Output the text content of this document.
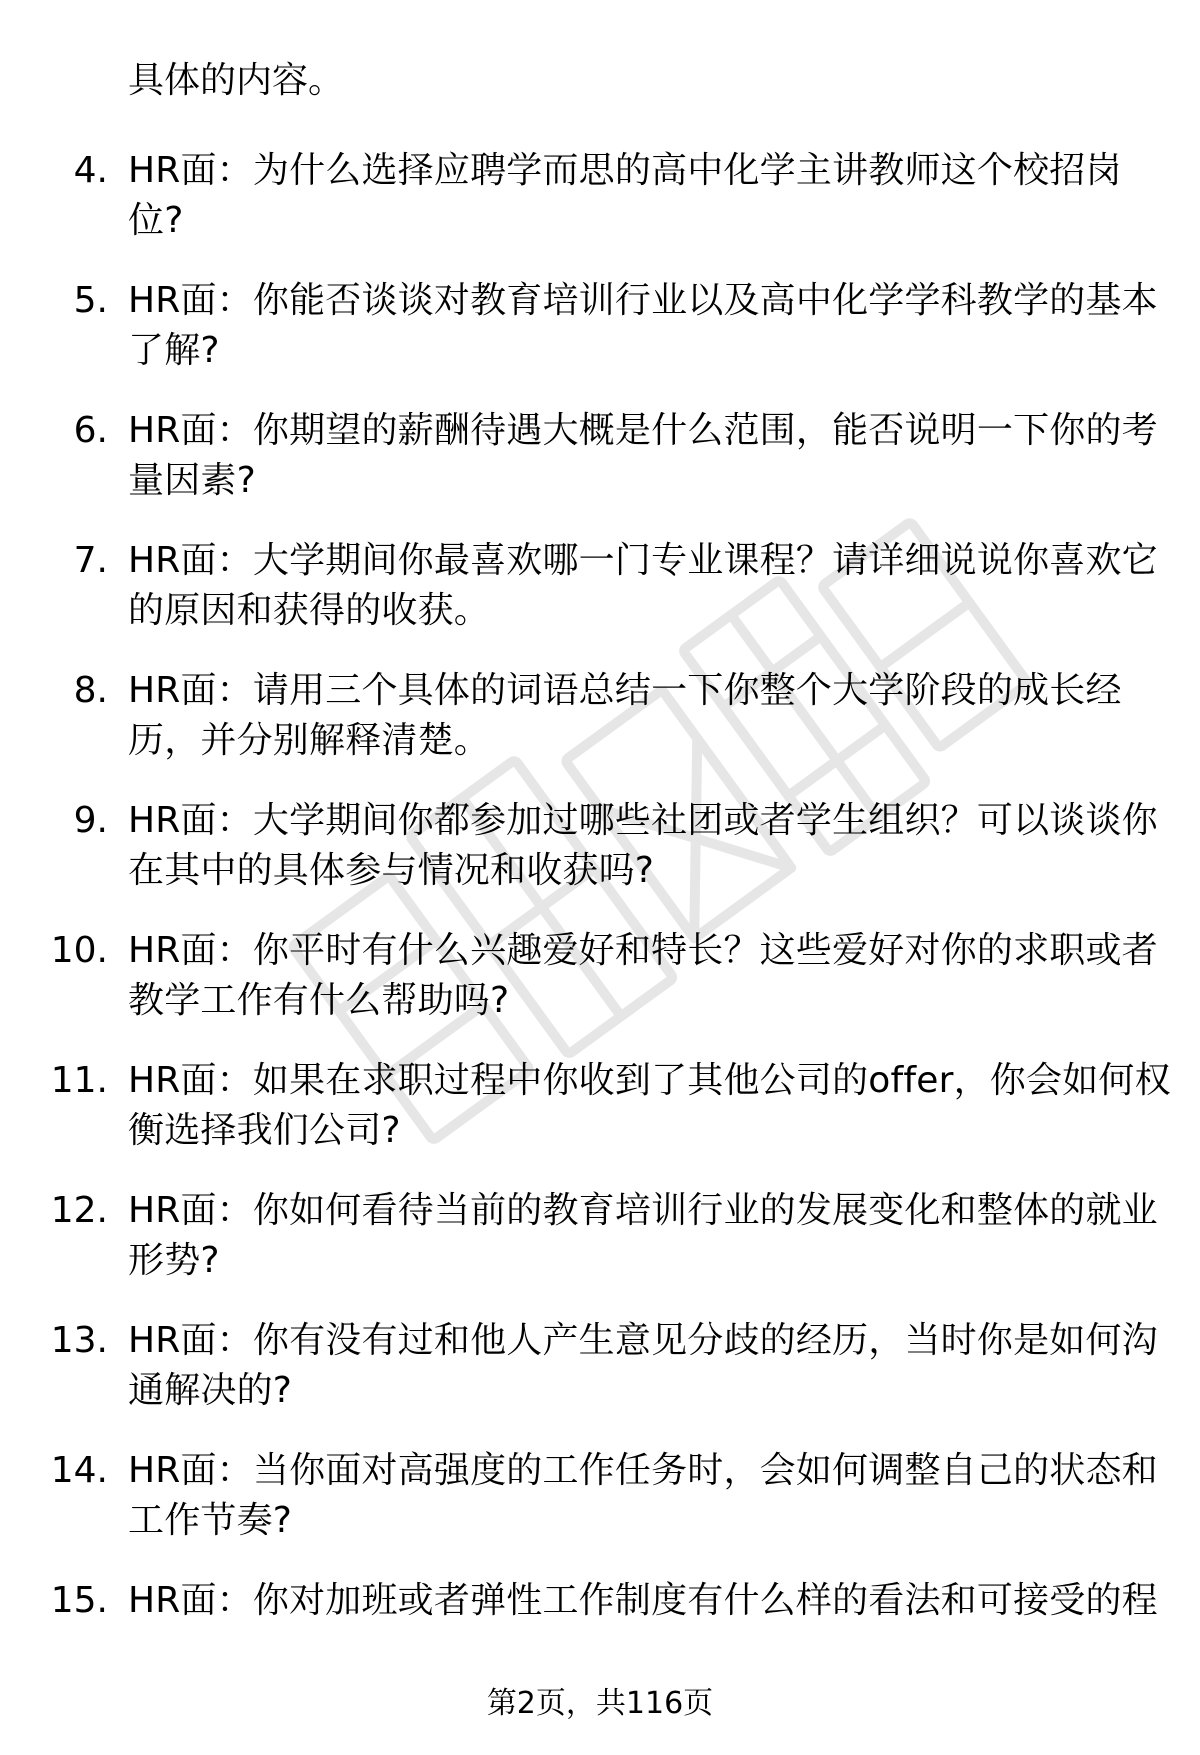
具体的内容。

4. HR面：为什么选择应聘学而思的高中化学主讲教师这个校招岗位?
5. HR面：你能否谈谈对教育培训行业以及高中化学学科教学的基本了解?
6. HR面：你期望的薪酬待遇大概是什么范围，能否说明一下你的考量因素?
7. HR面：大学期间你最喜欢哪一门专业课程？请详细说说你喜欢它的原因和获得的收获。
8. HR面：请用三个具体的词语总结一下你整个大学阶段的成长经历，并分别解释清楚。
9. HR面：大学期间你都参加过哪些社团或者学生组织？可以谈谈你在其中的具体参与情况和收获吗?
10. HR面：你平时有什么兴趣爱好和特长？这些爱好对你的求职或者教学工作有什么帮助吗?
11. HR面：如果在求职过程中你收到了其他公司的offer，你会如何权衡选择我们公司?
12. HR面：你如何看待当前的教育培训行业的发展变化和整体的就业形势?
13. HR面：你有没有过和他人产生意见分歧的经历，当时你是如何沟通解决的?
14. HR面：当你面对高强度的工作任务时，会如何调整自己的状态和工作节奏?
15. HR面：你对加班或者弹性工作制度有什么样的看法和可接受的程
第2页，共116页
